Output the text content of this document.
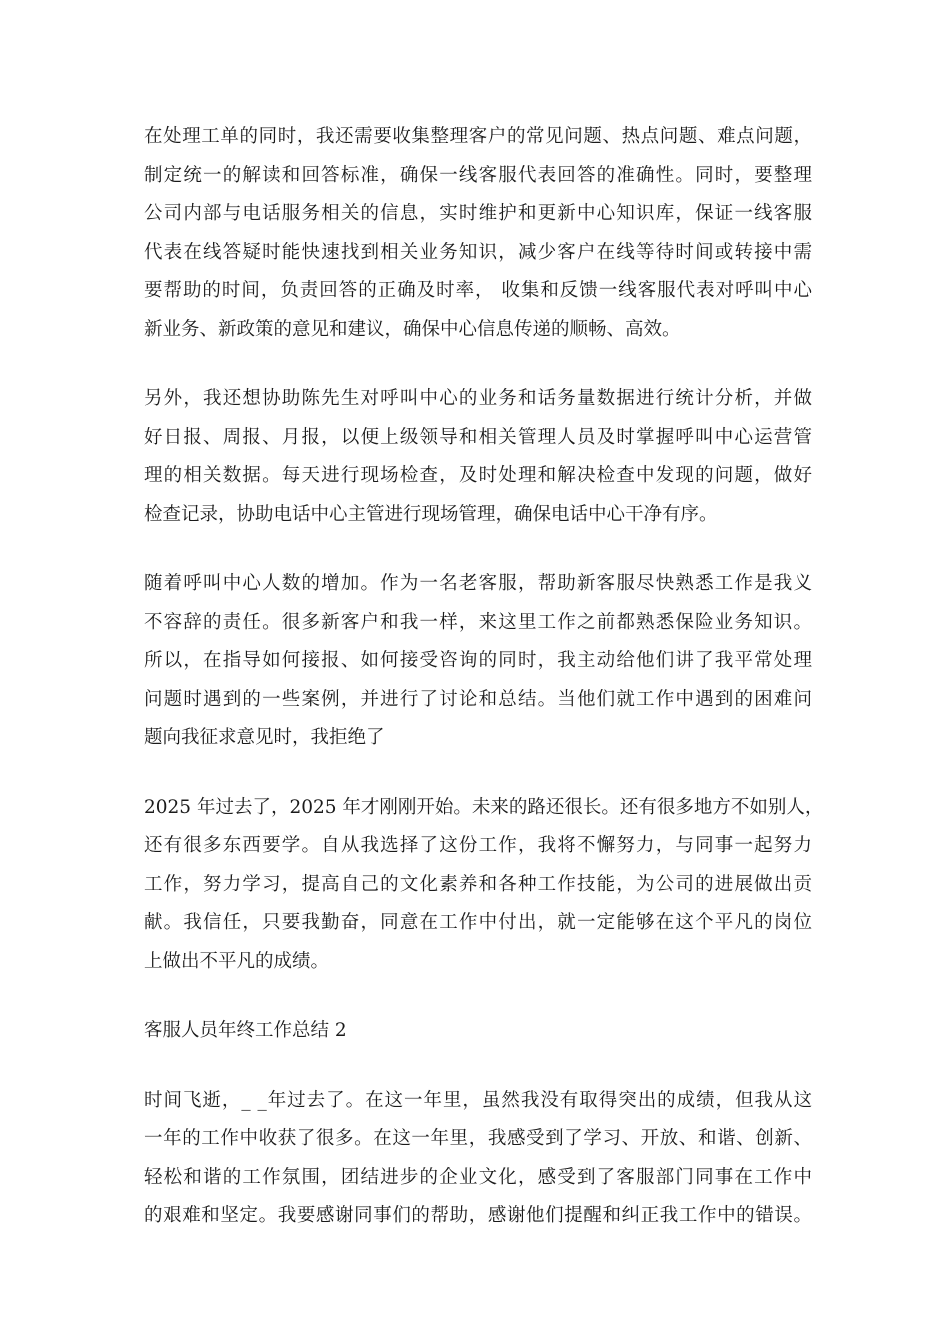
在处理工单的同时，我还需要收集整理客户的常见问题、热点问题、难点问题，
制定统一的解读和回答标准，确保一线客服代表回答的准确性。同时，要整理
公司内部与电话服务相关的信息，实时维护和更新中心知识库，保证一线客服
代表在线答疑时能快速找到相关业务知识，减少客户在线等待时间或转接中需
要帮助的时间，负责回答的正确及时率， 收集和反馈一线客服代表对呼叫中心
新业务、新政策的意见和建议，确保中心信息传递的顺畅、高效。
另外，我还想协助陈先生对呼叫中心的业务和话务量数据进行统计分析，并做
好日报、周报、月报，以便上级领导和相关管理人员及时掌握呼叫中心运营管
理的相关数据。每天进行现场检查，及时处理和解决检查中发现的问题，做好
检查记录，协助电话中心主管进行现场管理，确保电话中心干净有序。
随着呼叫中心人数的增加。作为一名老客服，帮助新客服尽快熟悉工作是我义
不容辞的责任。很多新客户和我一样，来这里工作之前都熟悉保险业务知识。
所以，在指导如何接报、如何接受咨询的同时，我主动给他们讲了我平常处理
问题时遇到的一些案例，并进行了讨论和总结。当他们就工作中遇到的困难问
题向我征求意见时，我拒绝了
2025 年过去了，2025 年才刚刚开始。未来的路还很长。还有很多地方不如别人，
还有很多东西要学。自从我选择了这份工作，我将不懈努力，与同事一起努力
工作，努力学习，提高自己的文化素养和各种工作技能，为公司的进展做出贡
献。我信任，只要我勤奋，同意在工作中付出，就一定能够在这个平凡的岗位
上做出不平凡的成绩。
客服人员年终工作总结 2
时间飞逝，_ _年过去了。在这一年里，虽然我没有取得突出的成绩，但我从这
一年的工作中收获了很多。在这一年里，我感受到了学习、开放、和谐、创新、
轻松和谐的工作氛围，团结进步的企业文化，感受到了客服部门同事在工作中
的艰难和坚定。我要感谢同事们的帮助，感谢他们提醒和纠正我工作中的错误。
